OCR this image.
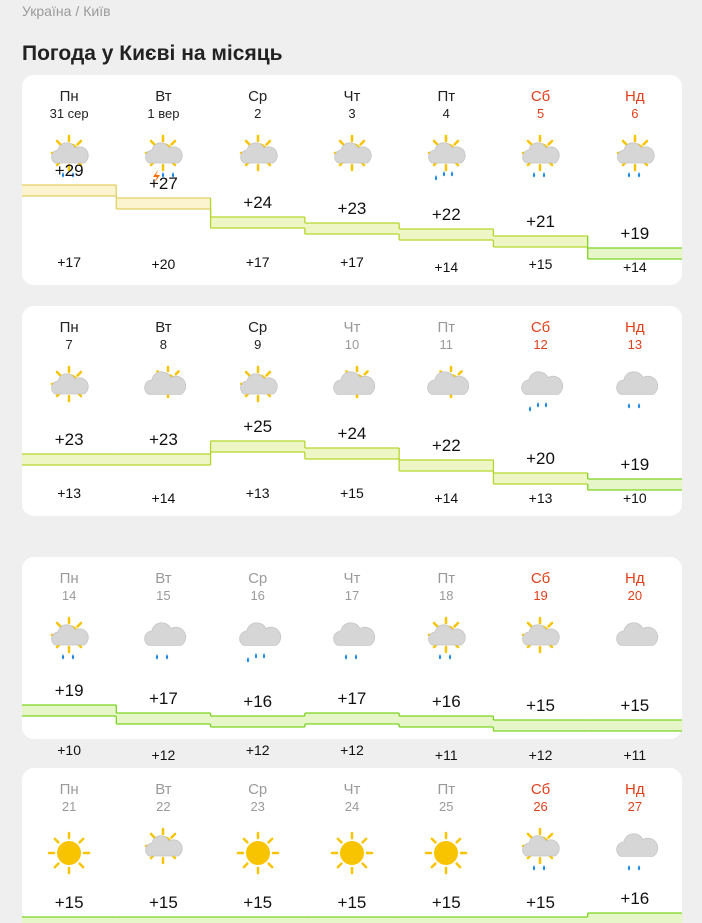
Україна / Київ
Погода у Києві на місяць
Пн
31 сер
+29
+17
Вт
1 вер
+27
+20
Ср
2
+24
+17
Чт
3
+23
+17
Пт
4
+22
+14
Сб
5
+21
+15
Нд
6
+19
+14
Пн
7
+23
+13
Вт
8
+23
+14
Ср
9
+25
+13
Чт
10
+24
+15
Пт
11
+22
+14
Сб
12
+20
+13
Нд
13
+19
+10
Пн
14
+19
+10
Вт
15
+17
+12
Ср
16
+16
+12
Чт
17
+17
+12
Пт
18
+16
+11
Сб
19
+15
+12
Нд
20
+15
+11
Пн
21
+15
Вт
22
+15
Ср
23
+15
Чт
24
+15
Пт
25
+15
Сб
26
+15
Нд
27
+16
